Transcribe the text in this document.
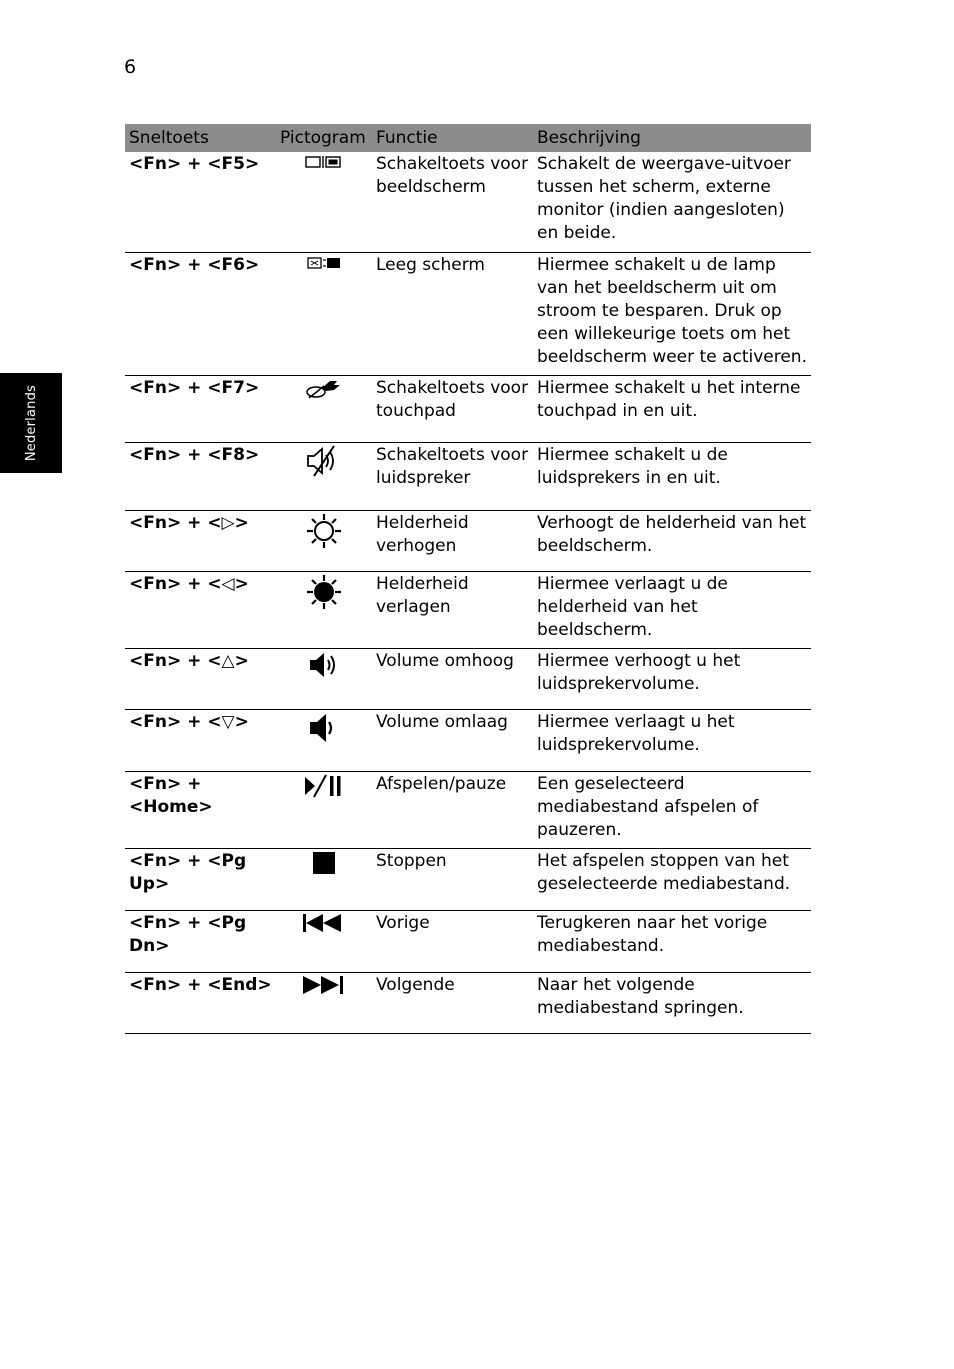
6
Nederlands
Sneltoets	Pictogram	Functie	Beschrijving
<Fn> + <F5>		Schakeltoets voor beeldscherm	Schakelt de weergave-uitvoer tussen het scherm, externe monitor (indien aangesloten) en beide.
<Fn> + <F6>		Leeg scherm	Hiermee schakelt u de lamp van het beeldscherm uit om stroom te besparen. Druk op een willekeurige toets om het beeldscherm weer te activeren.
<Fn> + <F7>		Schakeltoets voor touchpad	Hiermee schakelt u het interne touchpad in en uit.
<Fn> + <F8>		Schakeltoets voor luidspreker	Hiermee schakelt u de luidsprekers in en uit.
<Fn> + <▷>		Helderheid verhogen	Verhoogt de helderheid van het beeldscherm.
<Fn> + <◁>		Helderheid verlagen	Hiermee verlaagt u de helderheid van het beeldscherm.
<Fn> + <△>		Volume omhoog	Hiermee verhoogt u het luidsprekervolume.
<Fn> + <▽>		Volume omlaag	Hiermee verlaagt u het luidsprekervolume.
<Fn> + <Home>		Afspelen/pauze	Een geselecteerd mediabestand afspelen of pauzeren.
<Fn> + <Pg Up>		Stoppen	Het afspelen stoppen van het geselecteerde mediabestand.
<Fn> + <Pg Dn>		Vorige	Terugkeren naar het vorige mediabestand.
<Fn> + <End>		Volgende	Naar het volgende mediabestand springen.
